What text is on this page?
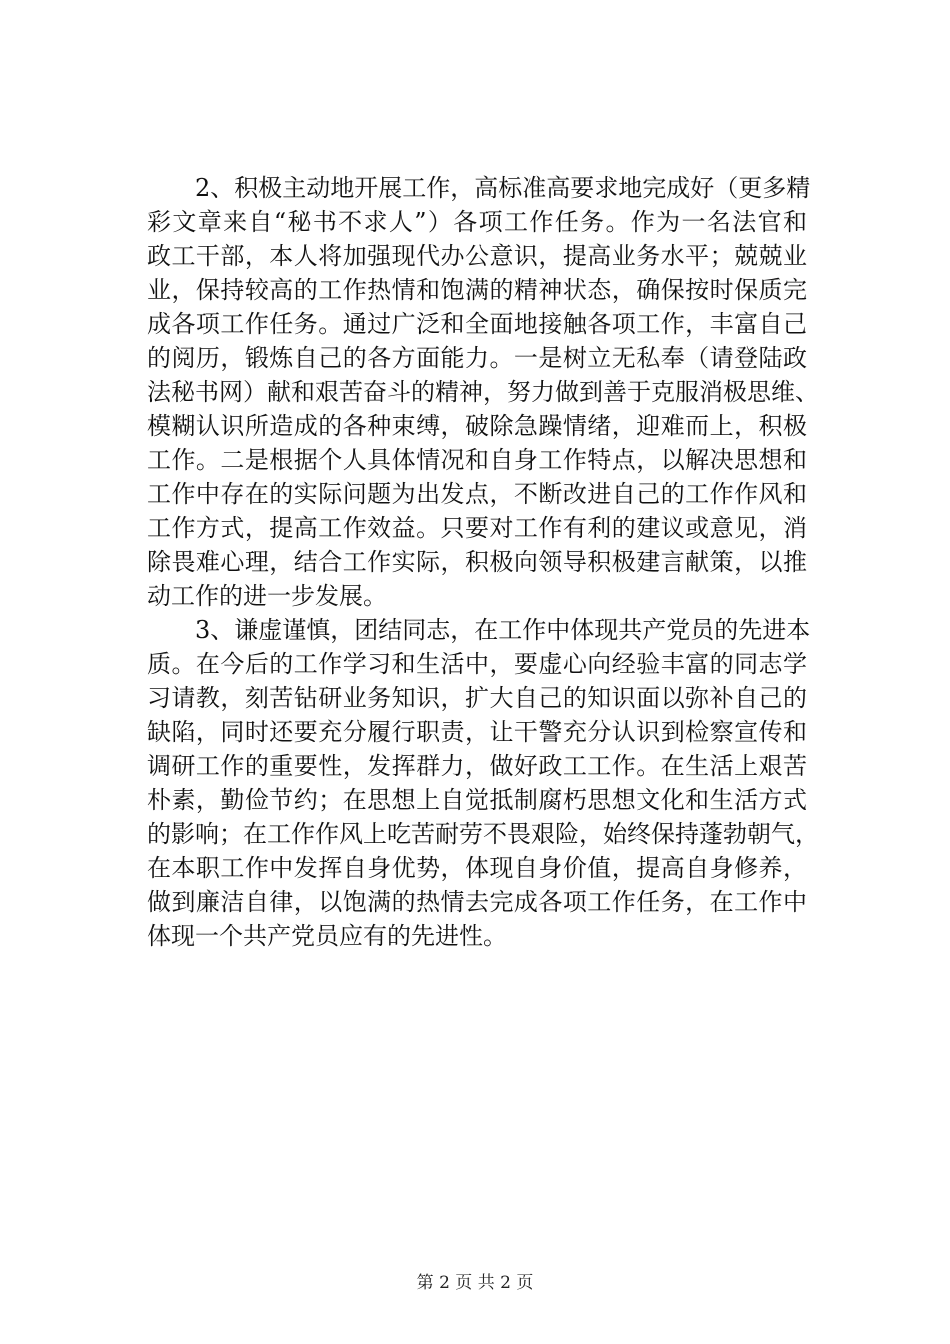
　　2、积极主动地开展工作，高标准高要求地完成好（更多精
彩文章来自“秘书不求人”）各项工作任务。作为一名法官和
政工干部，本人将加强现代办公意识，提高业务水平；兢兢业
业，保持较高的工作热情和饱满的精神状态，确保按时保质完
成各项工作任务。通过广泛和全面地接触各项工作，丰富自己
的阅历，锻炼自己的各方面能力。一是树立无私奉（请登陆政
法秘书网）献和艰苦奋斗的精神，努力做到善于克服消极思维、
模糊认识所造成的各种束缚，破除急躁情绪，迎难而上，积极
工作。二是根据个人具体情况和自身工作特点，以解决思想和
工作中存在的实际问题为出发点，不断改进自己的工作作风和
工作方式，提高工作效益。只要对工作有利的建议或意见，消
除畏难心理，结合工作实际，积极向领导积极建言献策，以推
动工作的进一步发展。
　　3、谦虚谨慎，团结同志，在工作中体现共产党员的先进本
质。在今后的工作学习和生活中，要虚心向经验丰富的同志学
习请教，刻苦钻研业务知识，扩大自己的知识面以弥补自己的
缺陷，同时还要充分履行职责，让干警充分认识到检察宣传和
调研工作的重要性，发挥群力，做好政工工作。在生活上艰苦
朴素，勤俭节约；在思想上自觉抵制腐朽思想文化和生活方式
的影响；在工作作风上吃苦耐劳不畏艰险，始终保持蓬勃朝气，
在本职工作中发挥自身优势，体现自身价值，提高自身修养，
做到廉洁自律，以饱满的热情去完成各项工作任务，在工作中
体现一个共产党员应有的先进性。
第 2 页 共 2 页
